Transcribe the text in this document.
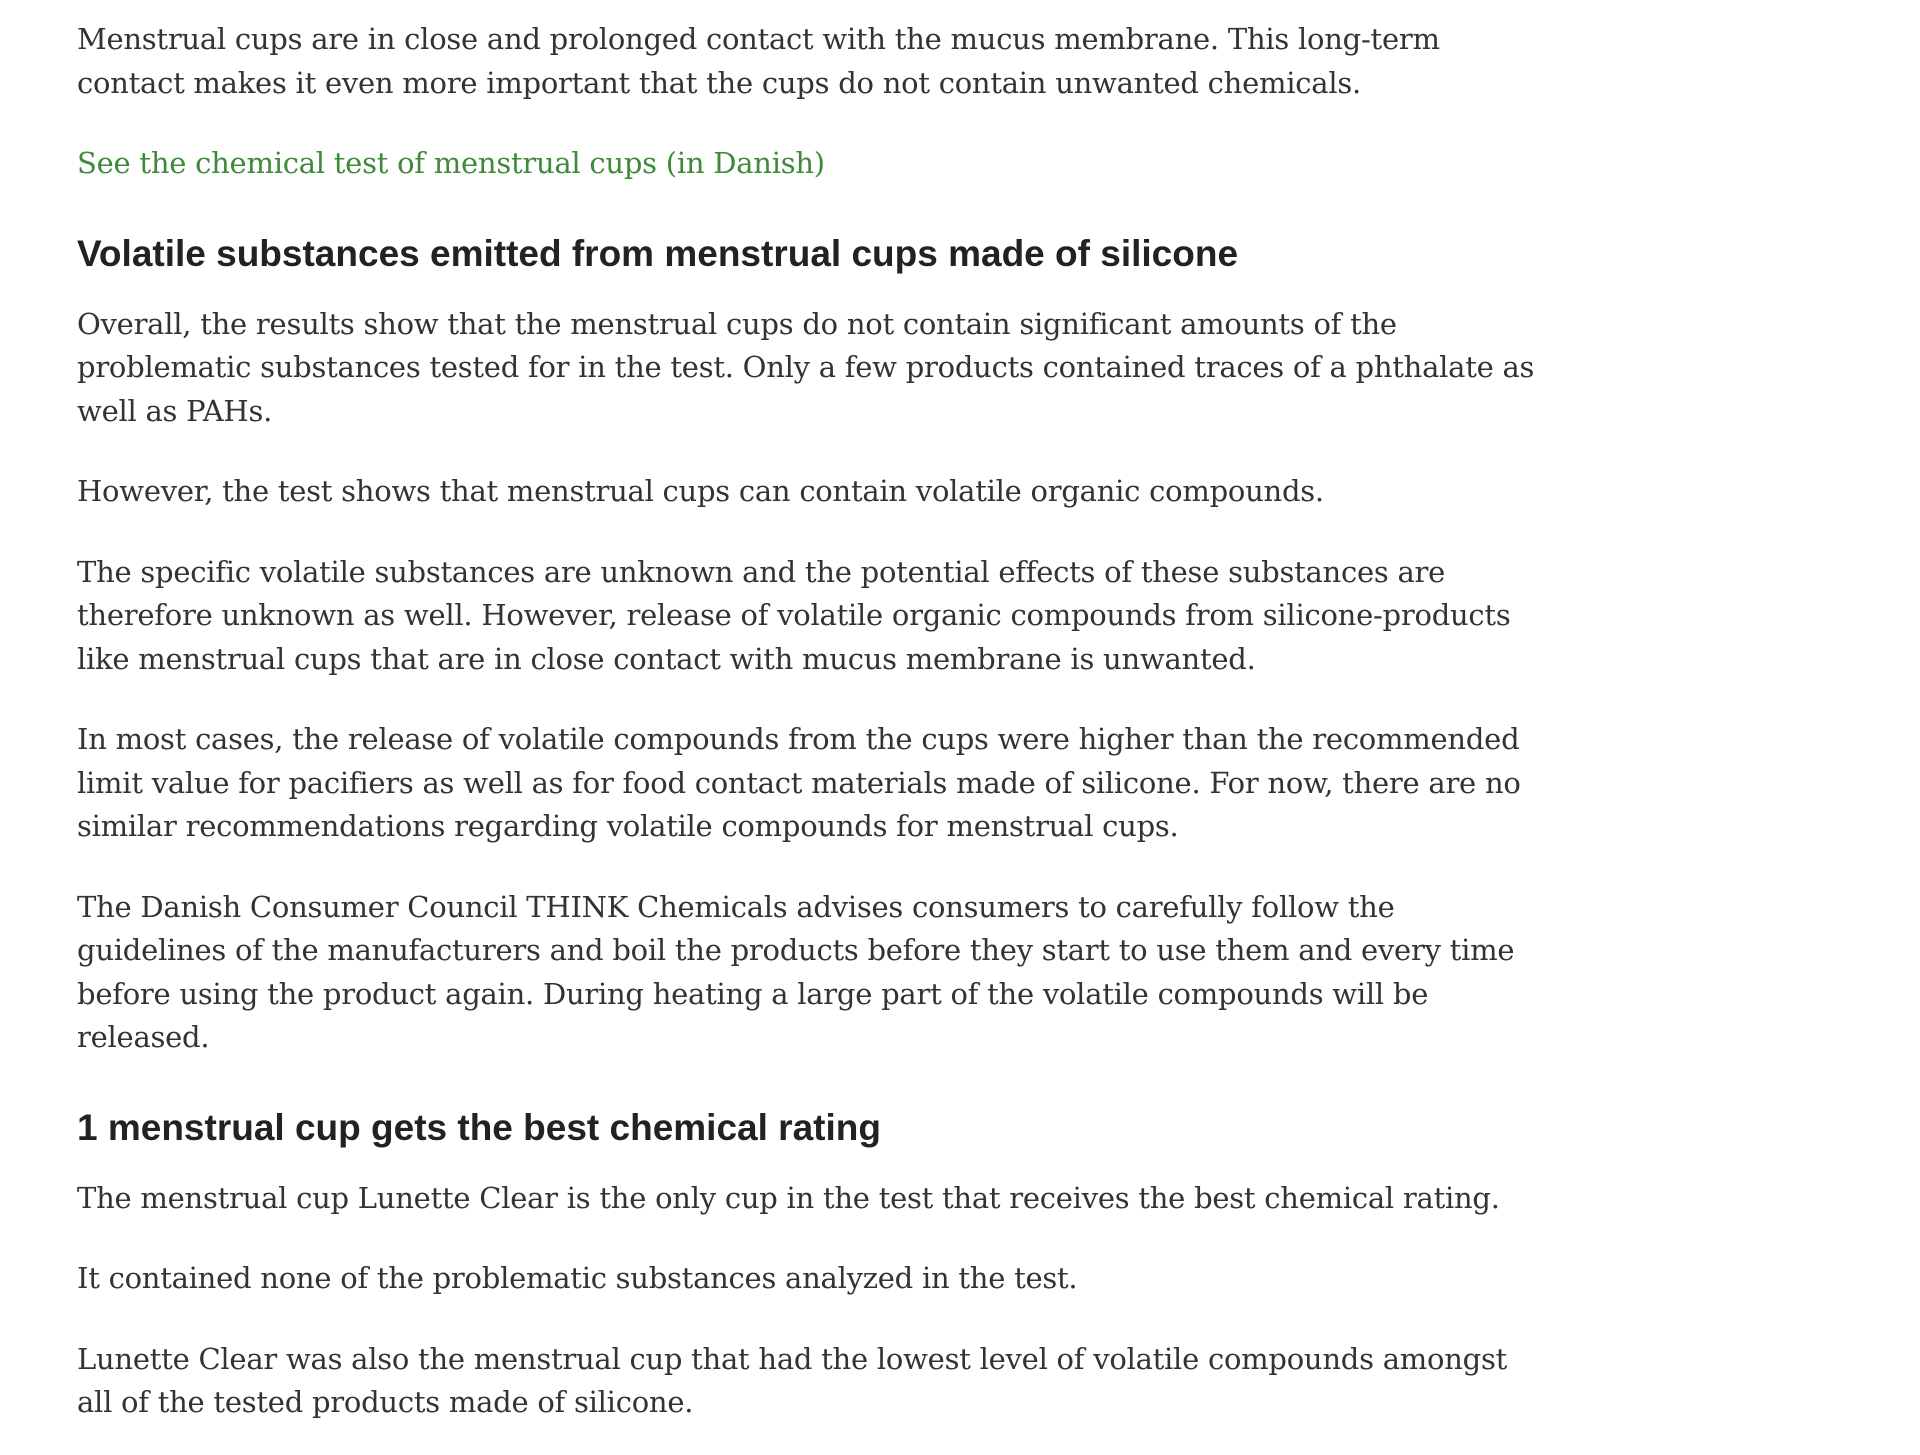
Menstrual cups are in close and prolonged contact with the mucus membrane. This long-term contact makes it even more important that the cups do not contain unwanted chemicals.

See the chemical test of menstrual cups (in Danish)

Volatile substances emitted from menstrual cups made of silicone

Overall, the results show that the menstrual cups do not contain significant amounts of the problematic substances tested for in the test. Only a few products contained traces of a phthalate as well as PAHs.

However, the test shows that menstrual cups can contain volatile organic compounds.

The specific volatile substances are unknown and the potential effects of these substances are therefore unknown as well. However, release of volatile organic compounds from silicone-products like menstrual cups that are in close contact with mucus membrane is unwanted.

In most cases, the release of volatile compounds from the cups were higher than the recommended limit value for pacifiers as well as for food contact materials made of silicone. For now, there are no similar recommendations regarding volatile compounds for menstrual cups.

The Danish Consumer Council THINK Chemicals advises consumers to carefully follow the guidelines of the manufacturers and boil the products before they start to use them and every time before using the product again. During heating a large part of the volatile compounds will be released.

1 menstrual cup gets the best chemical rating

The menstrual cup Lunette Clear is the only cup in the test that receives the best chemical rating.

It contained none of the problematic substances analyzed in the test.

Lunette Clear was also the menstrual cup that had the lowest level of volatile compounds amongst all of the tested products made of silicone.
